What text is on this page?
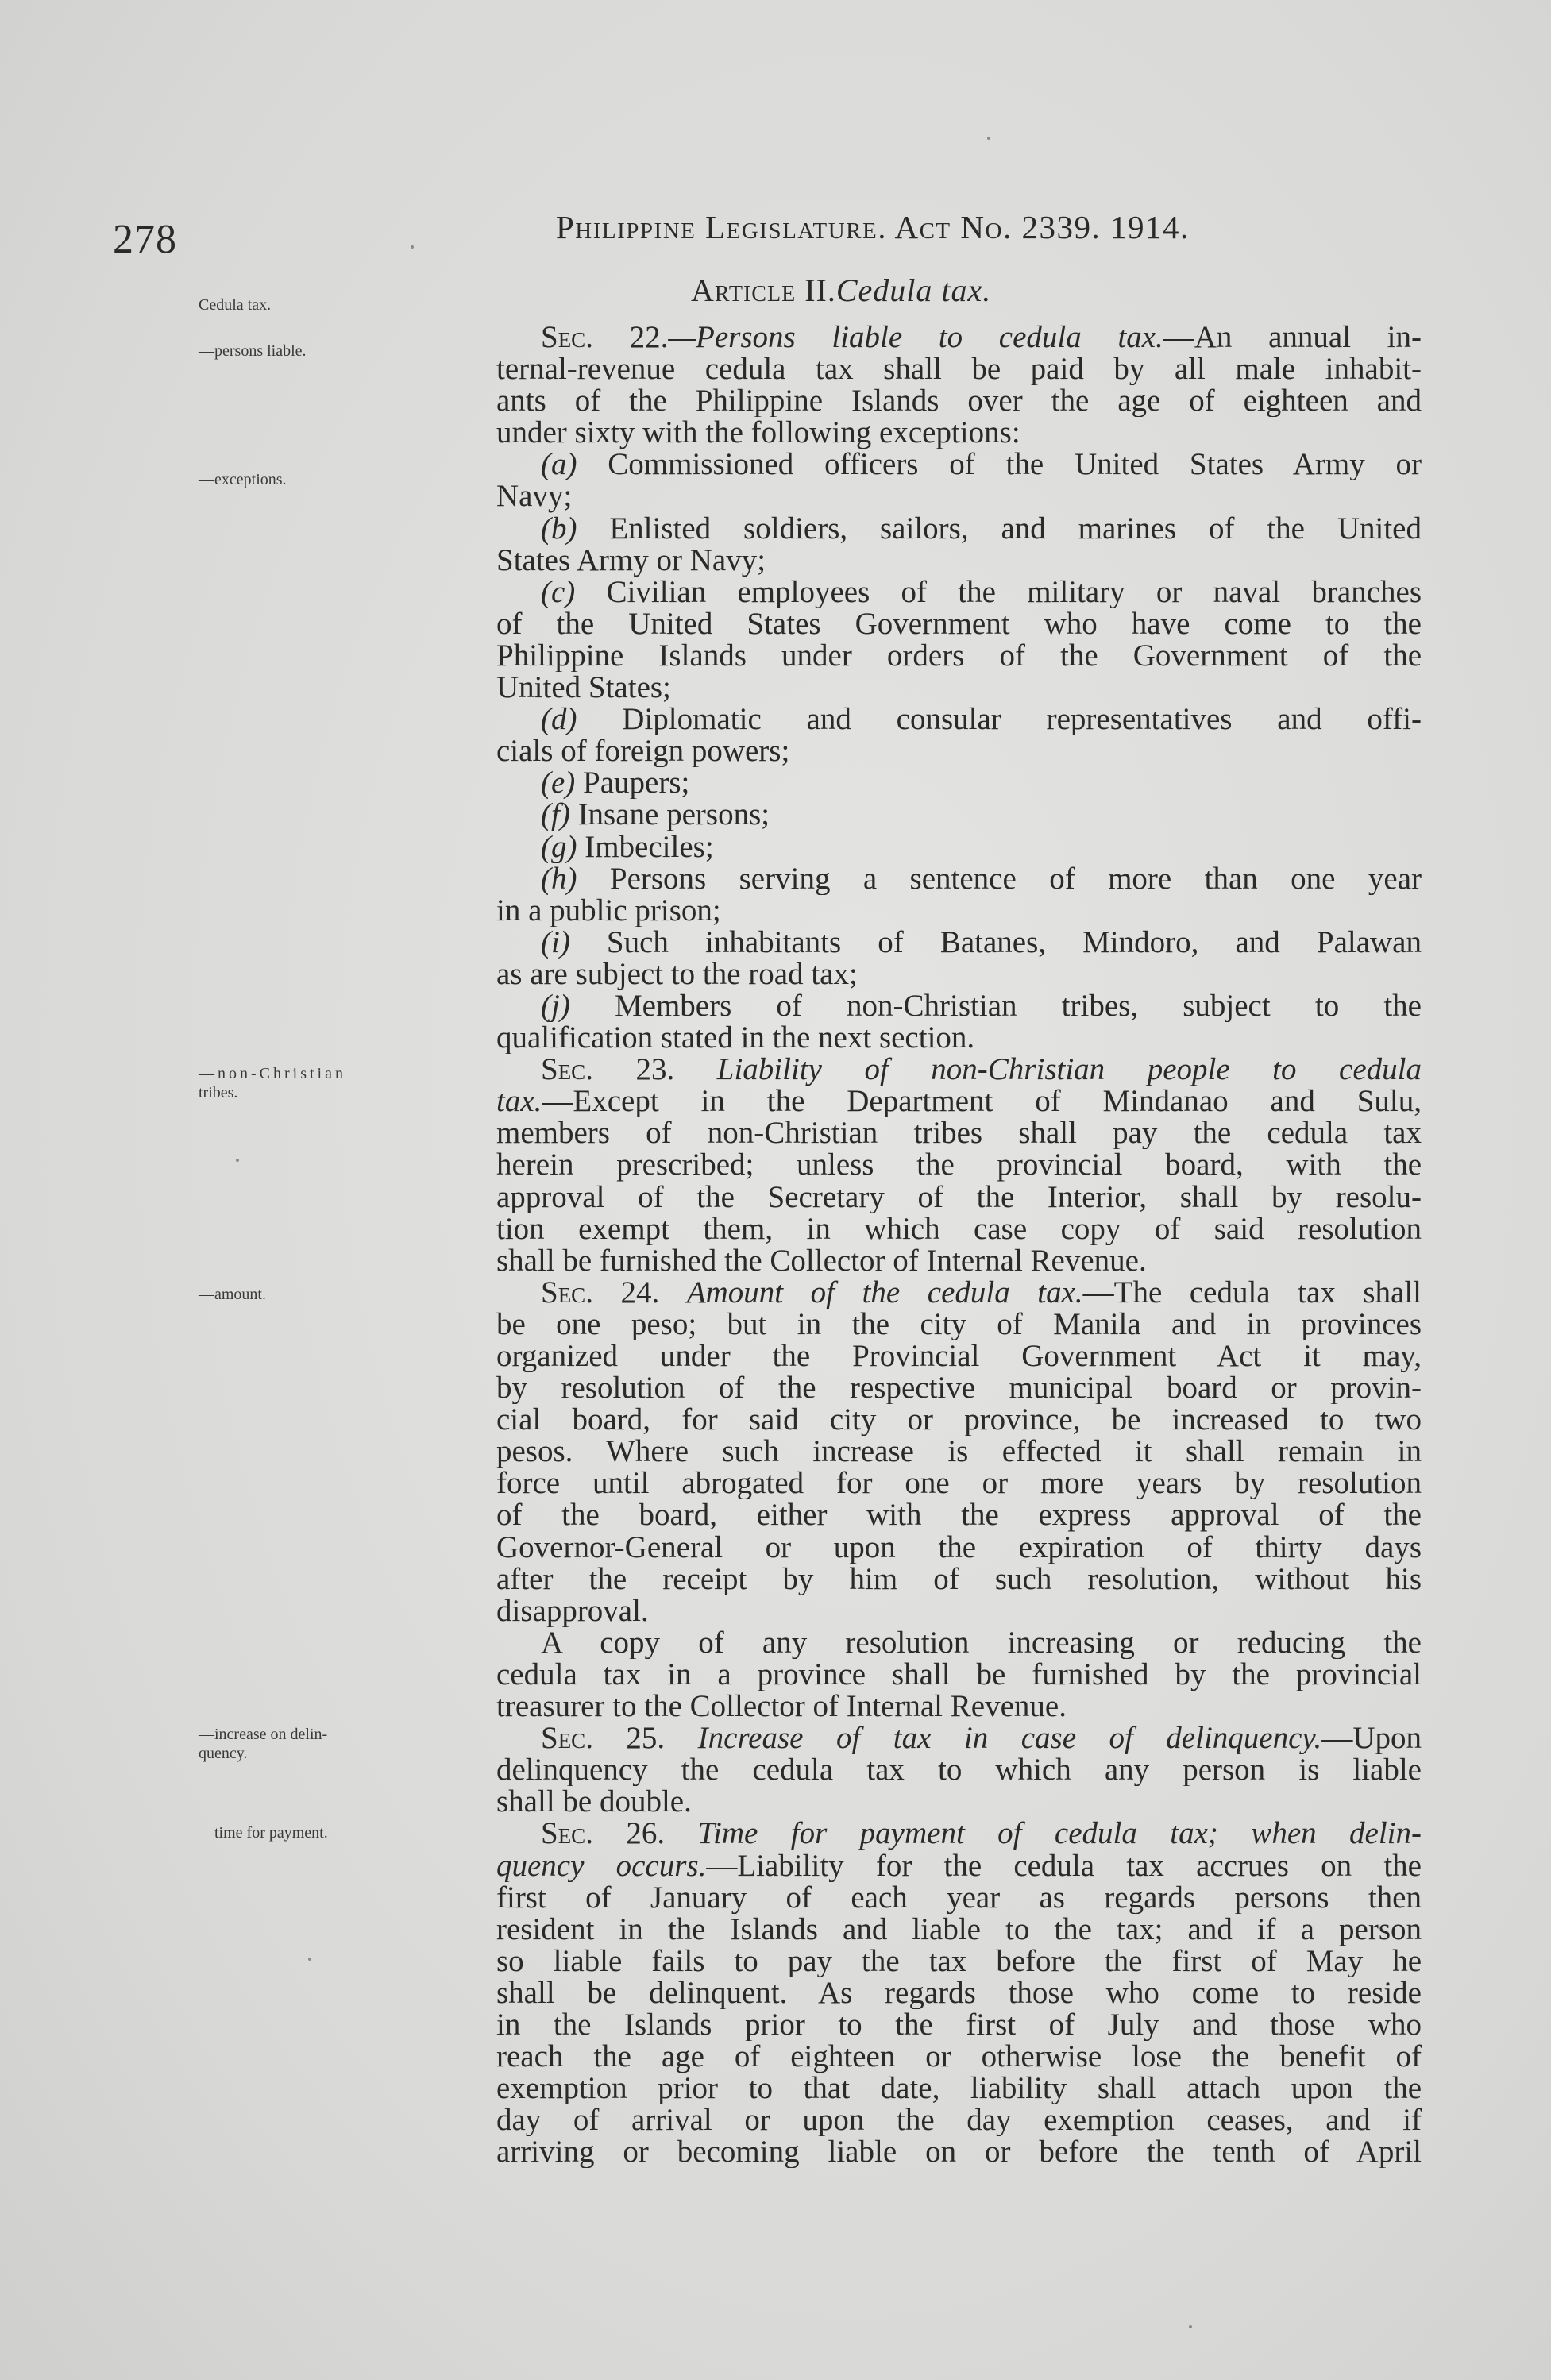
278	Philippine Legislature. Act No. 2339. 1914.
Article II.Cedula tax.
Cedula tax.
—persons liable.
—exceptions.
—non-Christian
tribes.
—amount.
—increase on delin-
quency.
—time for payment.
Sec. 22.—Persons liable to cedula tax.—An annual in-
ternal-revenue cedula tax shall be paid by all male inhabit-
ants of the Philippine Islands over the age of eighteen and
under sixty with the following exceptions:
(a) Commissioned officers of the United States Army or
Navy;
(b) Enlisted soldiers, sailors, and marines of the United
States Army or Navy;
(c) Civilian employees of the military or naval branches
of the United States Government who have come to the
Philippine Islands under orders of the Government of the
United States;
(d) Diplomatic and consular representatives and offi-
cials of foreign powers;
(e) Paupers;
(f) Insane persons;
(g) Imbeciles;
(h) Persons serving a sentence of more than one year
in a public prison;
(i) Such inhabitants of Batanes, Mindoro, and Palawan
as are subject to the road tax;
(j) Members of non-Christian tribes, subject to the
qualification stated in the next section.
Sec. 23. Liability of non-Christian people to cedula
tax.—Except in the Department of Mindanao and Sulu,
members of non-Christian tribes shall pay the cedula tax
herein prescribed; unless the provincial board, with the
approval of the Secretary of the Interior, shall by resolu-
tion exempt them, in which case copy of said resolution
shall be furnished the Collector of Internal Revenue.
Sec. 24. Amount of the cedula tax.—The cedula tax shall
be one peso; but in the city of Manila and in provinces
organized under the Provincial Government Act it may,
by resolution of the respective municipal board or provin-
cial board, for said city or province, be increased to two
pesos. Where such increase is effected it shall remain in
force until abrogated for one or more years by resolution
of the board, either with the express approval of the
Governor-General or upon the expiration of thirty days
after the receipt by him of such resolution, without his
disapproval.
A copy of any resolution increasing or reducing the
cedula tax in a province shall be furnished by the provincial
treasurer to the Collector of Internal Revenue.
Sec. 25. Increase of tax in case of delinquency.—Upon
delinquency the cedula tax to which any person is liable
shall be double.
Sec. 26. Time for payment of cedula tax; when delin-
quency occurs.—Liability for the cedula tax accrues on the
first of January of each year as regards persons then
resident in the Islands and liable to the tax; and if a person
so liable fails to pay the tax before the first of May he
shall be delinquent. As regards those who come to reside
in the Islands prior to the first of July and those who
reach the age of eighteen or otherwise lose the benefit of
exemption prior to that date, liability shall attach upon the
day of arrival or upon the day exemption ceases, and if
arriving or becoming liable on or before the tenth of April
